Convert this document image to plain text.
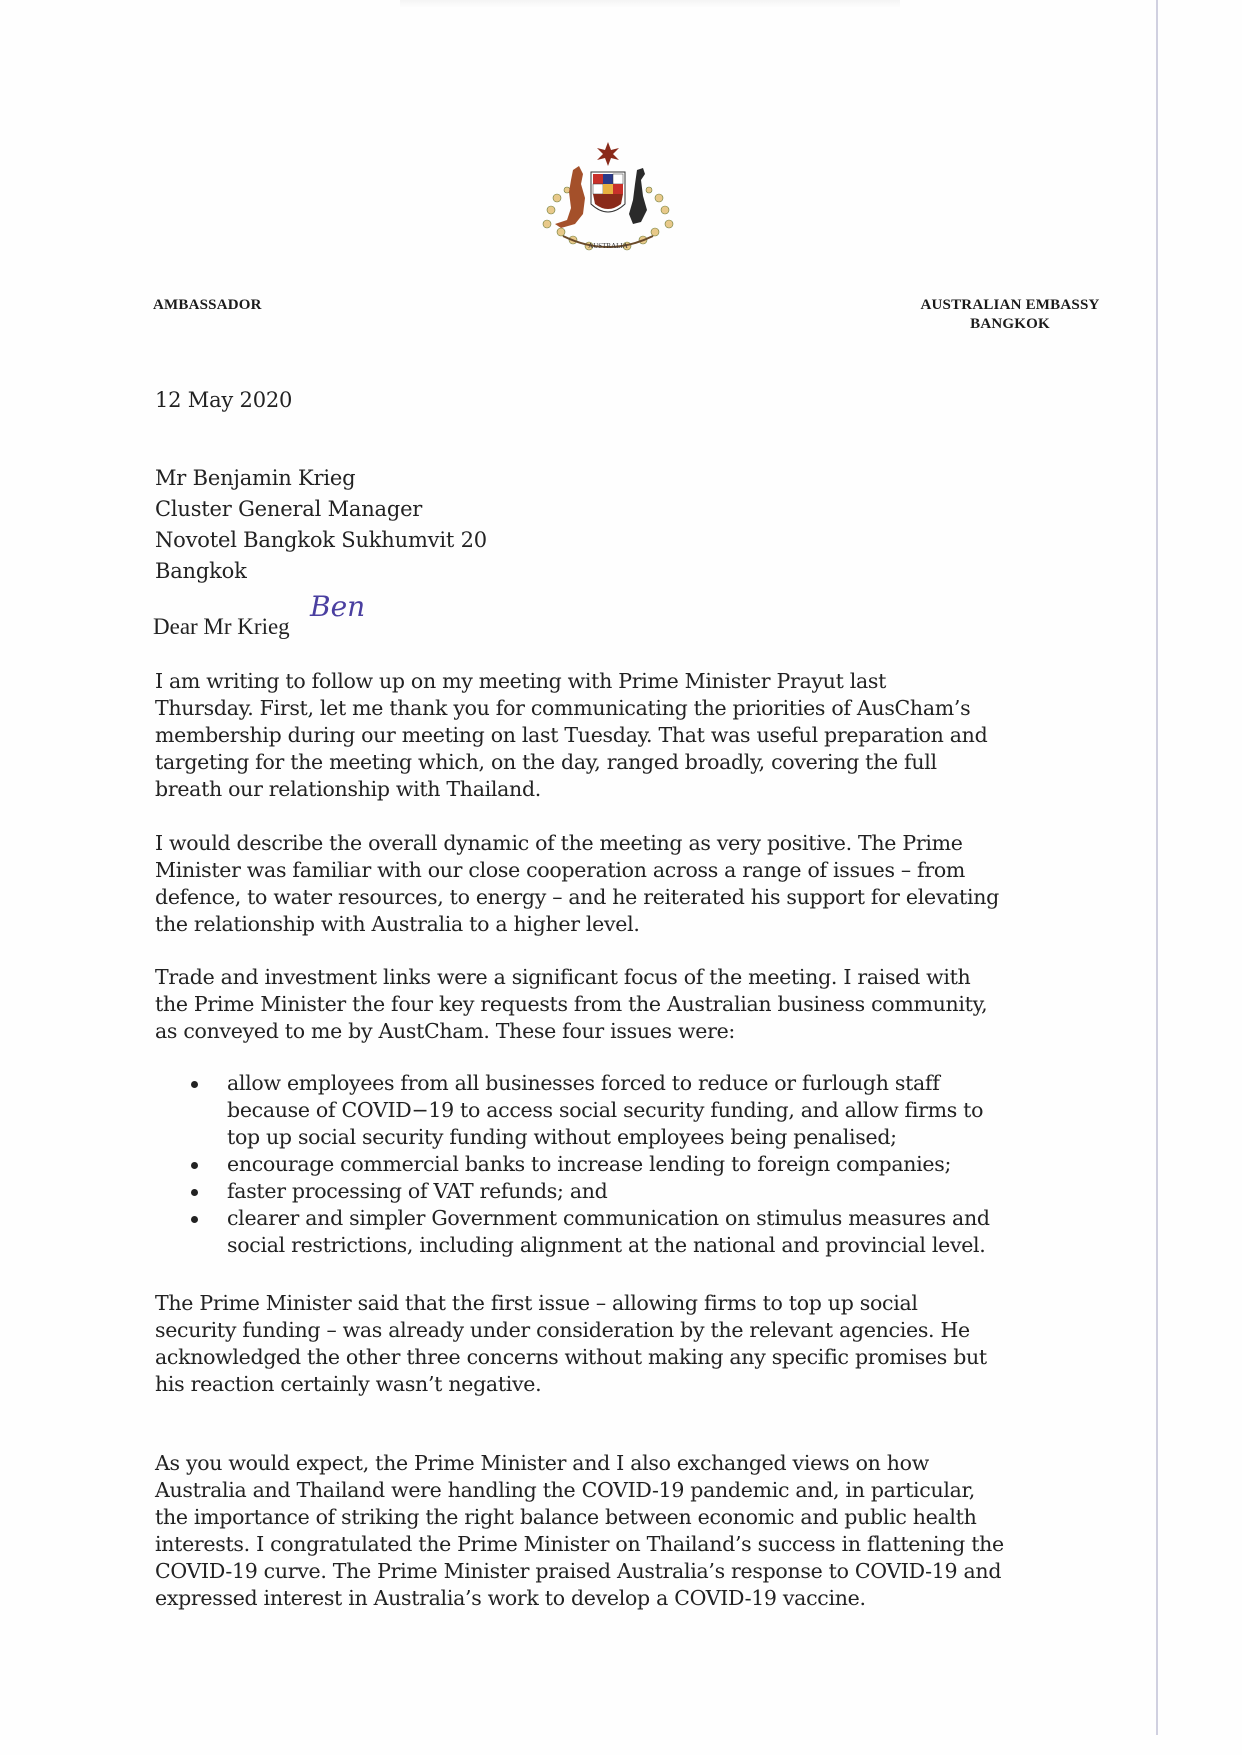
AUSTRALIA
AMBASSADOR	AUSTRALIAN EMBASSY
BANGKOK
12 May 2020
Mr Benjamin Krieg
Cluster General Manager
Novotel Bangkok Sukhumvit 20
Bangkok
Dear Mr Krieg
Ben
I am writing to follow up on my meeting with Prime Minister Prayut last
Thursday. First, let me thank you for communicating the priorities of AusCham’s
membership during our meeting on last Tuesday. That was useful preparation and
targeting for the meeting which, on the day, ranged broadly, covering the full
breath our relationship with Thailand.
I would describe the overall dynamic of the meeting as very positive. The Prime
Minister was familiar with our close cooperation across a range of issues – from
defence, to water resources, to energy – and he reiterated his support for elevating
the relationship with Australia to a higher level.
Trade and investment links were a significant focus of the meeting. I raised with
the Prime Minister the four key requests from the Australian business community,
as conveyed to me by AustCham. These four issues were:
allow employees from all businesses forced to reduce or furlough staff
because of COVID−19 to access social security funding, and allow firms to
top up social security funding without employees being penalised;
encourage commercial banks to increase lending to foreign companies;
faster processing of VAT refunds; and
clearer and simpler Government communication on stimulus measures and
social restrictions, including alignment at the national and provincial level.
The Prime Minister said that the first issue – allowing firms to top up social
security funding – was already under consideration by the relevant agencies. He
acknowledged the other three concerns without making any specific promises but
his reaction certainly wasn’t negative.
As you would expect, the Prime Minister and I also exchanged views on how
Australia and Thailand were handling the COVID-19 pandemic and, in particular,
the importance of striking the right balance between economic and public health
interests. I congratulated the Prime Minister on Thailand’s success in flattening the
COVID-19 curve. The Prime Minister praised Australia’s response to COVID-19 and
expressed interest in Australia’s work to develop a COVID-19 vaccine.
